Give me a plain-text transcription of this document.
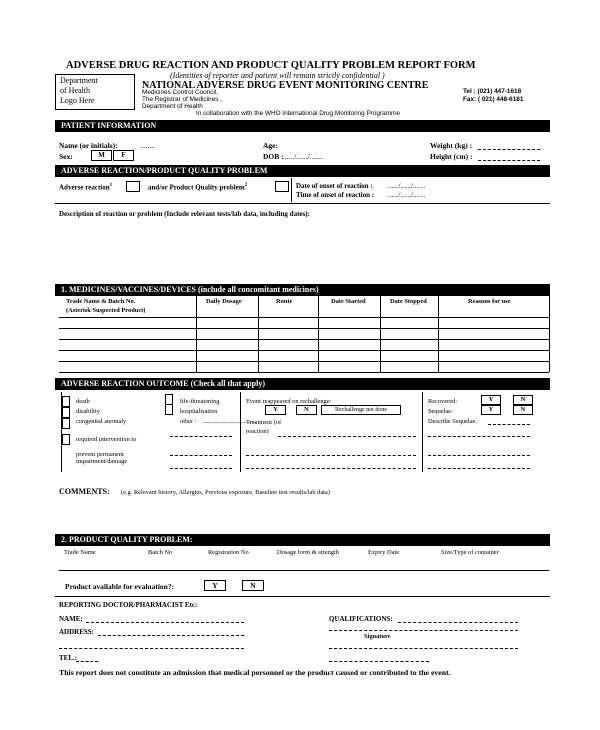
ADVERSE DRUG REACTION AND PRODUCT QUALITY PROBLEM REPORT FORM
(Identities of reporter and patient will remain strictly confidential )
Department
of Health
Logo Here
NATIONAL ADVERSE DRUG EVENT MONITORING CENTRE
Medicines Control Council,
The Registrar of Medicines ,
Department of Health
In collaboration with the WHO International Drug Monitoring Programme
Tel : (021) 447-1618
Fax: ( 021) 448-6181
PATIENT INFORMATION
Name (or initials):	........
Sex:	M	F
Age:
DOB : ....../....../.......
Weight (kg) :
Height (cm) :
ADVERSE REACTION/PRODUCT QUALITY PROBLEM
Adverse reaction$^1$	and/or Product Quality problem$^2$	Date of onset of reaction : ....../....../.......
Time of onset of reaction : ....../....../.......
Description of reaction or problem (Include relevant tests/lab data, including dates):
1. MEDICINES/VACCINES/DEVICES (include all concomitant medicines)
Trade Name & Batch No.	Daily Dosage	Route	Date Started	Date Stopped	Reasons for use
(Asterisk Suspected Product)
ADVERSE REACTION OUTCOME (Check all that apply)
death
disability
congenital anomaly
required intervention to
prevent permanent
impairment/damage
life-threatening
hospitalisation
other : ..................................
Event reappeared on rechallenge:
Y	N	Rechallenge not done
Treatment (of
reaction)
Recovered:	Y	N
Sequelae:	Y	N
Describe Sequelae:
COMMENTS: (e.g. Relevant history, Allergies, Previous exposure, Baseline test results/lab data)
2. PRODUCT QUALITY PROBLEM:
Trade Name	Batch No	Registration No	Dosage form & strength	Expiry Date	Size/Type of container
Product available for evaluation?:	Y	N
REPORTING DOCTOR/PHARMACIST Etc:
NAME:
ADDRESS:
TEL.:
QUALIFICATIONS:
Signature
This report does not constitute an admission that medical personnel or the product caused or contributed to the event.
